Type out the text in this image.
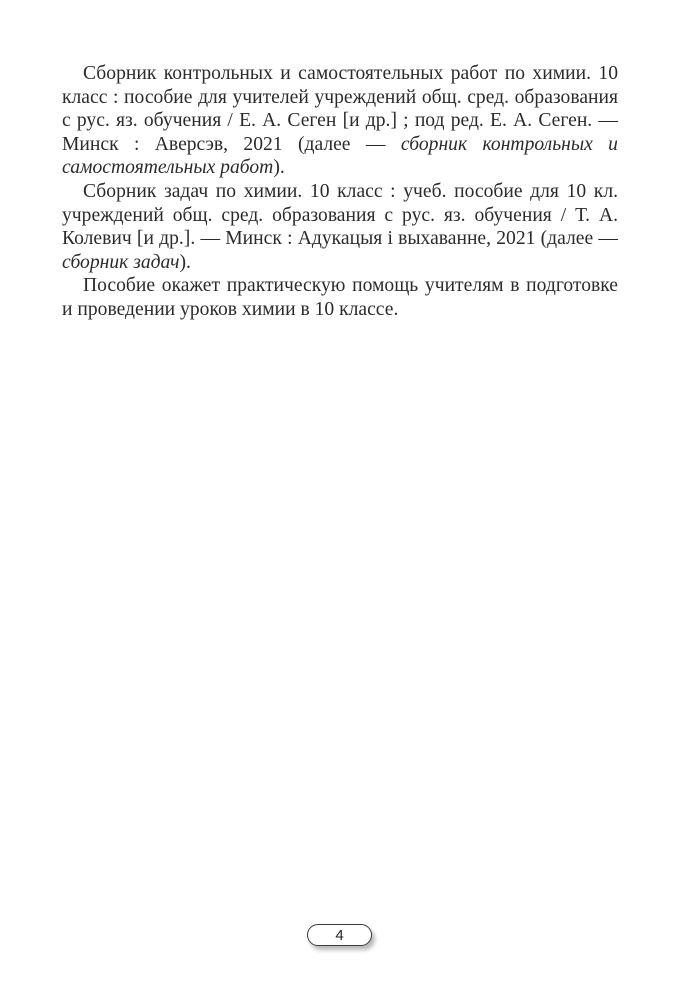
Сборник контрольных и самостоятельных работ по химии. 10 класс : пособие для учителей учреждений общ. сред. образования с рус. яз. обучения / Е. А. Сеген [и др.] ; под ред. Е. А. Сеген. — Минск : Аверсэв, 2021 (далее — сборник контрольных и самостоятельных работ).

Сборник задач по химии. 10 класс : учеб. пособие для 10 кл. учреждений общ. сред. образования с рус. яз. обучения / Т. А. Колевич [и др.]. — Минск : Адукацыя і выхаванне, 2021 (далее — сборник задач).

Пособие окажет практическую помощь учителям в подготовке и проведении уроков химии в 10 классе.

4
